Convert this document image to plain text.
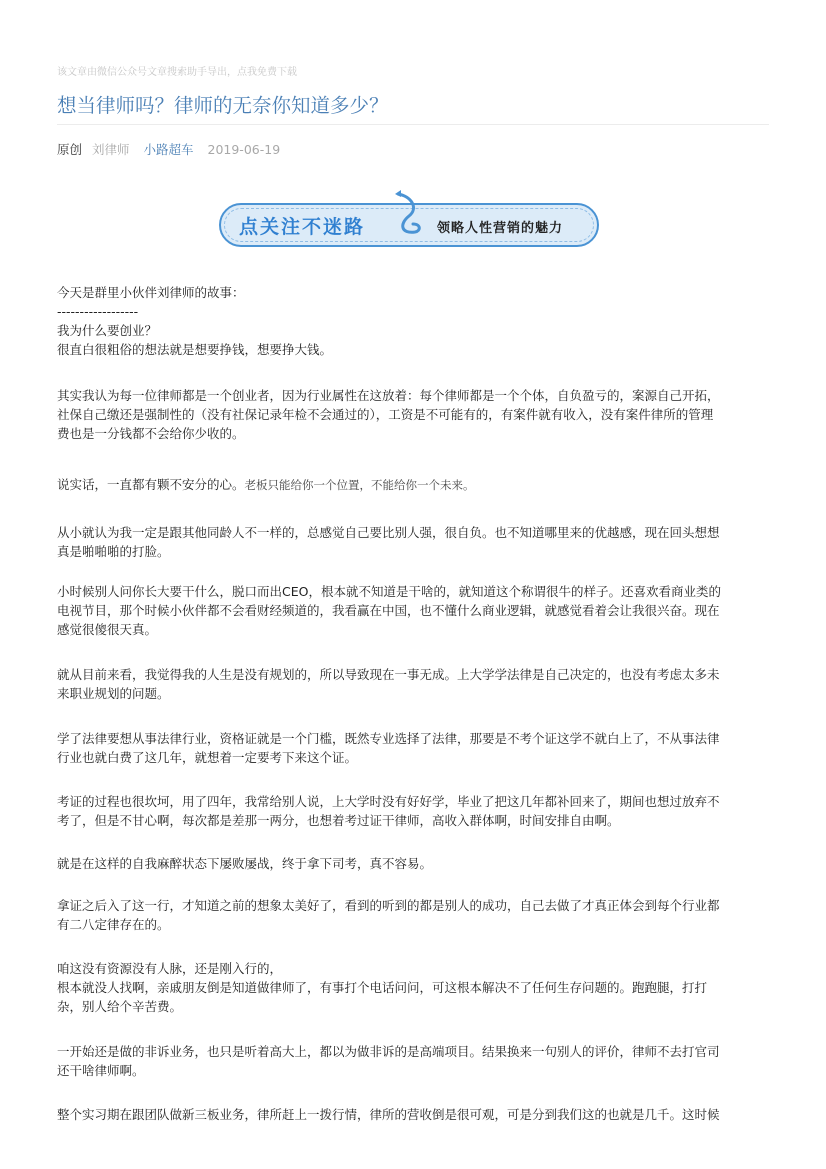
该文章由微信公众号文章搜索助手导出，点我免费下载
想当律师吗？律师的无奈你知道多少？
原创 刘律师 小路超车 2019-06-19
点关注不迷路	领略人性营销的魅力
今天是群里小伙伴刘律师的故事：
------------------
我为什么要创业？
很直白很粗俗的想法就是想要挣钱，想要挣大钱。
其实我认为每一位律师都是一个创业者，因为行业属性在这放着：每个律师都是一个个体，自负盈亏的，案源自己开拓，
社保自己缴还是强制性的（没有社保记录年检不会通过的），工资是不可能有的，有案件就有收入，没有案件律所的管理
费也是一分钱都不会给你少收的。
说实话，一直都有颗不安分的心。老板只能给你一个位置，不能给你一个未来。
从小就认为我一定是跟其他同龄人不一样的，总感觉自己要比别人强，很自负。也不知道哪里来的优越感，现在回头想想
真是啪啪啪的打脸。
小时候别人问你长大要干什么，脱口而出CEO，根本就不知道是干啥的，就知道这个称谓很牛的样子。还喜欢看商业类的
电视节目，那个时候小伙伴都不会看财经频道的，我看赢在中国，也不懂什么商业逻辑，就感觉看着会让我很兴奋。现在
感觉很傻很天真。
就从目前来看，我觉得我的人生是没有规划的，所以导致现在一事无成。上大学学法律是自己决定的，也没有考虑太多未
来职业规划的问题。
学了法律要想从事法律行业，资格证就是一个门槛，既然专业选择了法律，那要是不考个证这学不就白上了，不从事法律
行业也就白费了这几年，就想着一定要考下来这个证。
考证的过程也很坎坷，用了四年，我常给别人说，上大学时没有好好学，毕业了把这几年都补回来了，期间也想过放弃不
考了，但是不甘心啊，每次都是差那一两分，也想着考过证干律师，高收入群体啊，时间安排自由啊。
就是在这样的自我麻醉状态下屡败屡战，终于拿下司考，真不容易。
拿证之后入了这一行，才知道之前的想象太美好了，看到的听到的都是别人的成功，自己去做了才真正体会到每个行业都
有二八定律存在的。
咱这没有资源没有人脉，还是刚入行的，
根本就没人找啊，亲戚朋友倒是知道做律师了，有事打个电话问问，可这根本解决不了任何生存问题的。跑跑腿，打打
杂，别人给个辛苦费。
一开始还是做的非诉业务，也只是听着高大上，都以为做非诉的是高端项目。结果换来一句别人的评价，律师不去打官司
还干啥律师啊。
整个实习期在跟团队做新三板业务，律所赶上一拨行情，律所的营收倒是很可观，可是分到我们这的也就是几千。这时候
